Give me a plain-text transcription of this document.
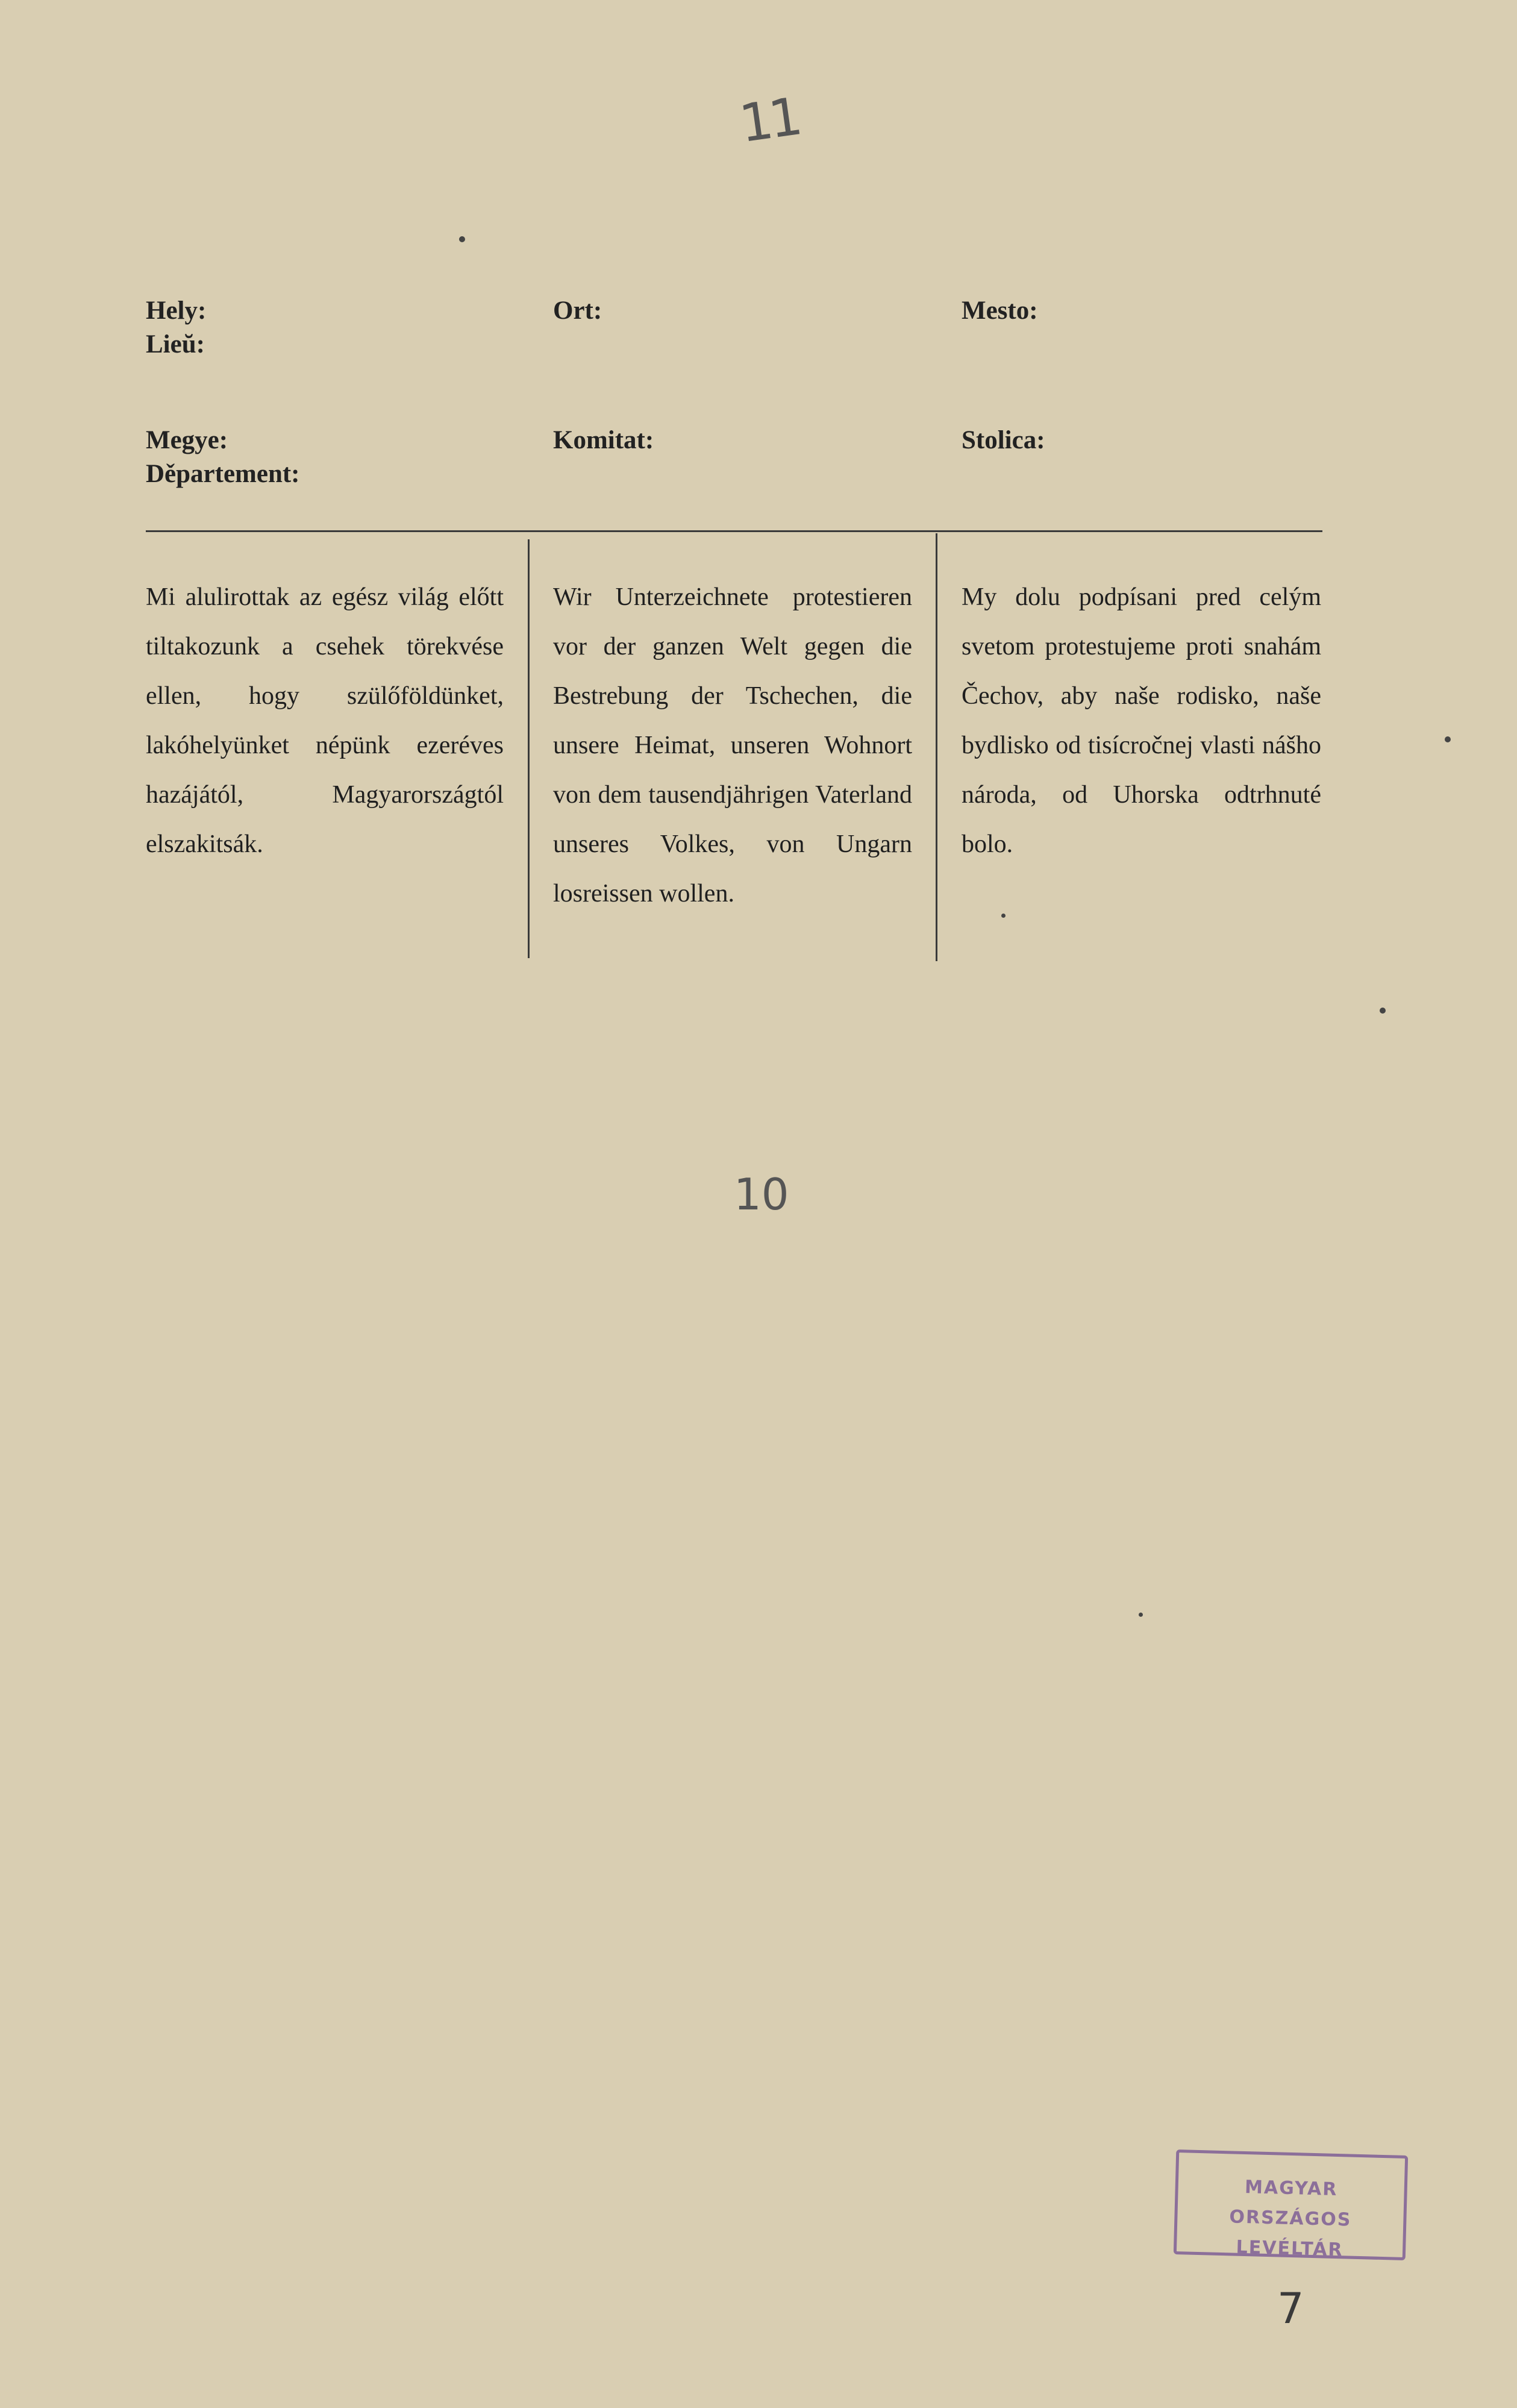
11
Hely:
Lieŭ:
Ort:	Mesto:
Megye:
Děpartement:
Komitat:	Stolica:

Mi alulirottak az egész világ előtt tiltakozunk a csehek törekvése ellen, hogy szülőföldünket, lakóhelyünket népünk ezeréves hazájától, Magyarországtól elszakitsák.

Wir Unterzeichnete protestieren vor der ganzen Welt gegen die Bestrebung der Tschechen, die unsere Heimat, unseren Wohnort von dem tausendjährigen Vaterland unseres Volkes, von Ungarn losreissen wollen.

My dolu podpísani pred celým svetom protestujeme proti snahám Čechov, aby naše rodisko, naše bydlisko od tisícročnej vlasti nášho národa, od Uhorska odtrhnuté bolo.

10
MAGYAR
ORSZÁGOS LEVÉLTÁR
7
